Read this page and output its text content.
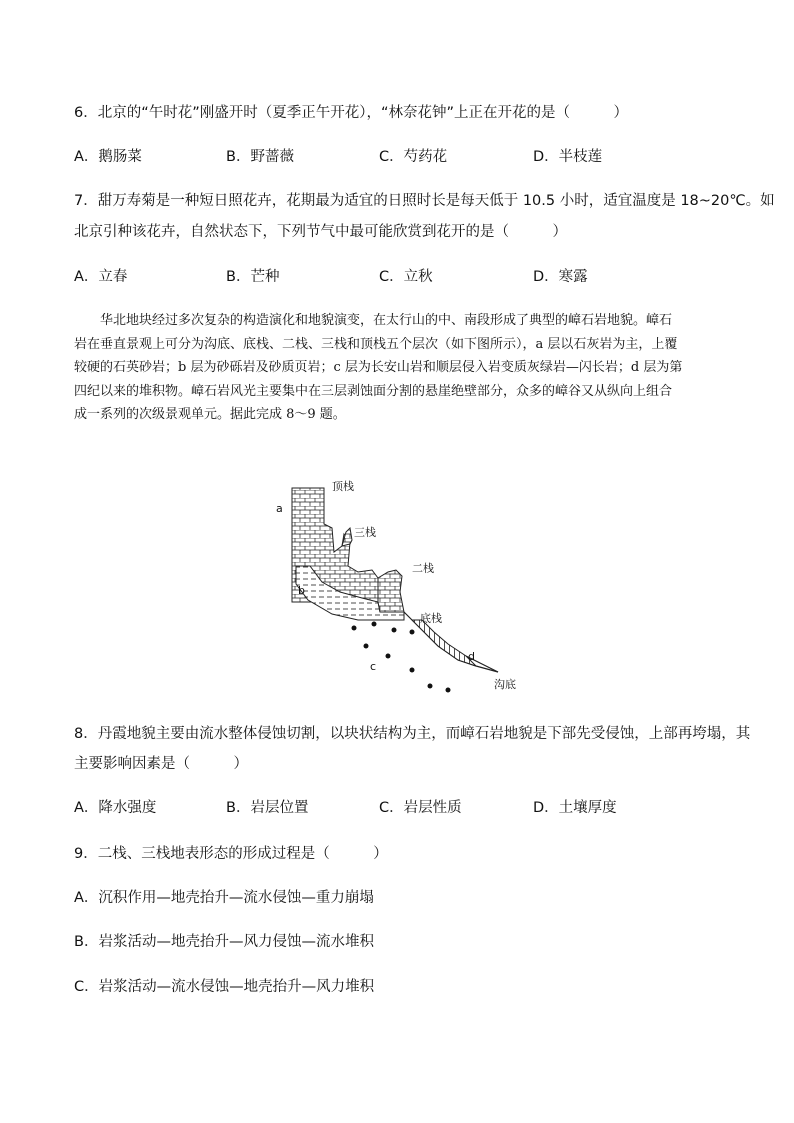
6．北京的“午时花”刚盛开时（夏季正午开花），“林奈花钟”上正在开花的是（　　　）
A．鹅肠菜	B．野蔷薇	C．芍药花	D．半枝莲
7．甜万寿菊是一种短日照花卉，花期最为适宜的日照时长是每天低于 10.5 小时，适宜温度是 18~20℃。如
北京引种该花卉，自然状态下，下列节气中最可能欣赏到花开的是（　　　）
A．立春	B．芒种	C．立秋	D．寒露
华北地块经过多次复杂的构造演化和地貌演变，在太行山的中、南段形成了典型的嶂石岩地貌。嶂石
岩在垂直景观上可分为沟底、底栈、二栈、三栈和顶栈五个层次（如下图所示），a 层以石灰岩为主，上覆
较硬的石英砂岩；b 层为砂砾岩及砂质页岩；c 层为长安山岩和顺层侵入岩变质灰绿岩—闪长岩；d 层为第
四纪以来的堆积物。嶂石岩风光主要集中在三层剥蚀面分割的悬崖绝壁部分，众多的嶂谷又从纵向上组合
成一系列的次级景观单元。据此完成 8～9 题。
顶栈
a
三栈
二栈
b
底栈
c
d
沟底
8．丹霞地貌主要由流水整体侵蚀切割，以块状结构为主，而嶂石岩地貌是下部先受侵蚀，上部再垮塌，其
主要影响因素是（　　　）
A．降水强度	B．岩层位置	C．岩层性质	D．土壤厚度
9．二栈、三栈地表形态的形成过程是（　　　）
A．沉积作用—地壳抬升—流水侵蚀—重力崩塌
B．岩浆活动—地壳抬升—风力侵蚀—流水堆积
C．岩浆活动—流水侵蚀—地壳抬升—风力堆积
